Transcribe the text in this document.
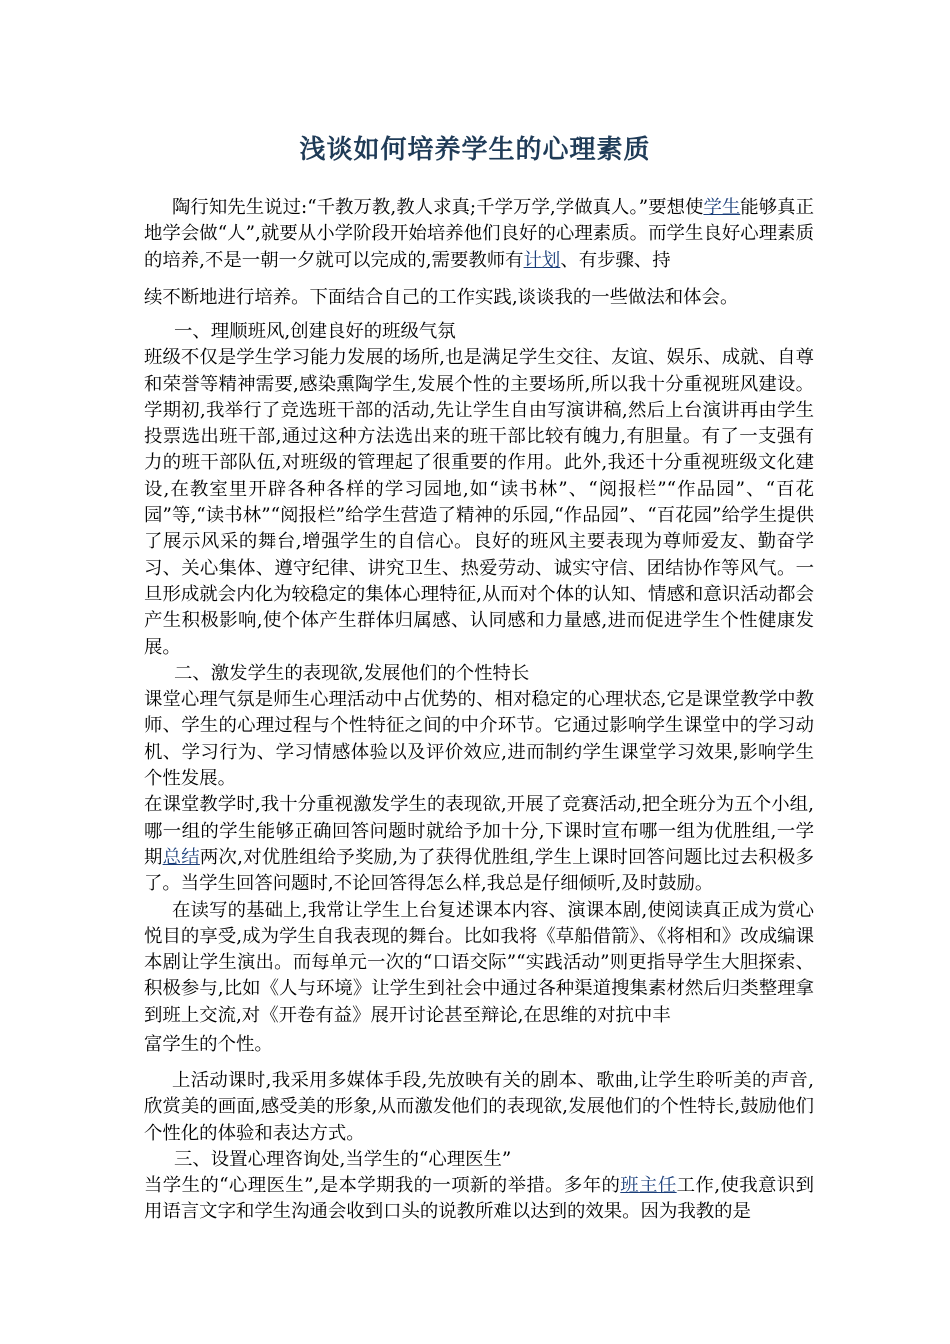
浅谈如何培养学生的心理素质

陶行知先生说过:“千教万教,教人求真;千学万学,学做真人。”要想使学生能够真正地学会做“人”,就要从小学阶段开始培养他们良好的心理素质。而学生良好心理素质的培养,不是一朝一夕就可以完成的,需要教师有计划、有步骤、持

续不断地进行培养。下面结合自己的工作实践,谈谈我的一些做法和体会。

一、理顺班风,创建良好的班级气氛

班级不仅是学生学习能力发展的场所,也是满足学生交往、友谊、娱乐、成就、自尊和荣誉等精神需要,感染熏陶学生,发展个性的主要场所,所以我十分重视班风建设。学期初,我举行了竞选班干部的活动,先让学生自由写演讲稿,然后上台演讲再由学生投票选出班干部,通过这种方法选出来的班干部比较有魄力,有胆量。有了一支强有力的班干部队伍,对班级的管理起了很重要的作用。此外,我还十分重视班级文化建设,在教室里开辟各种各样的学习园地,如“读书林”、“阅报栏”“作品园”、“百花园”等,“读书林”“阅报栏”给学生营造了精神的乐园,“作品园”、“百花园”给学生提供了展示风采的舞台,增强学生的自信心。良好的班风主要表现为尊师爱友、勤奋学习、关心集体、遵守纪律、讲究卫生、热爱劳动、诚实守信、团结协作等风气。一旦形成就会内化为较稳定的集体心理特征,从而对个体的认知、情感和意识活动都会产生积极影响,使个体产生群体归属感、认同感和力量感,进而促进学生个性健康发展。

二、激发学生的表现欲,发展他们的个性特长

课堂心理气氛是师生心理活动中占优势的、相对稳定的心理状态,它是课堂教学中教师、学生的心理过程与个性特征之间的中介环节。它通过影响学生课堂中的学习动机、学习行为、学习情感体验以及评价效应,进而制约学生课堂学习效果,影响学生个性发展。

在课堂教学时,我十分重视激发学生的表现欲,开展了竞赛活动,把全班分为五个小组,哪一组的学生能够正确回答问题时就给予加十分,下课时宣布哪一组为优胜组,一学期总结两次,对优胜组给予奖励,为了获得优胜组,学生上课时回答问题比过去积极多了。当学生回答问题时,不论回答得怎么样,我总是仔细倾听,及时鼓励。

在读写的基础上,我常让学生上台复述课本内容、演课本剧,使阅读真正成为赏心悦目的享受,成为学生自我表现的舞台。比如我将《草船借箭》、《将相和》改成编课本剧让学生演出。而每单元一次的“口语交际”“实践活动”则更指导学生大胆探索、积极参与,比如《人与环境》让学生到社会中通过各种渠道搜集素材然后归类整理拿到班上交流,对《开卷有益》展开讨论甚至辩论,在思维的对抗中丰

富学生的个性。

上活动课时,我采用多媒体手段,先放映有关的剧本、歌曲,让学生聆听美的声音,欣赏美的画面,感受美的形象,从而激发他们的表现欲,发展他们的个性特长,鼓励他们个性化的体验和表达方式。

三、设置心理咨询处,当学生的“心理医生”

当学生的“心理医生”,是本学期我的一项新的举措。多年的班主任工作,使我意识到用语言文字和学生沟通会收到口头的说教所难以达到的效果。因为我教的是
